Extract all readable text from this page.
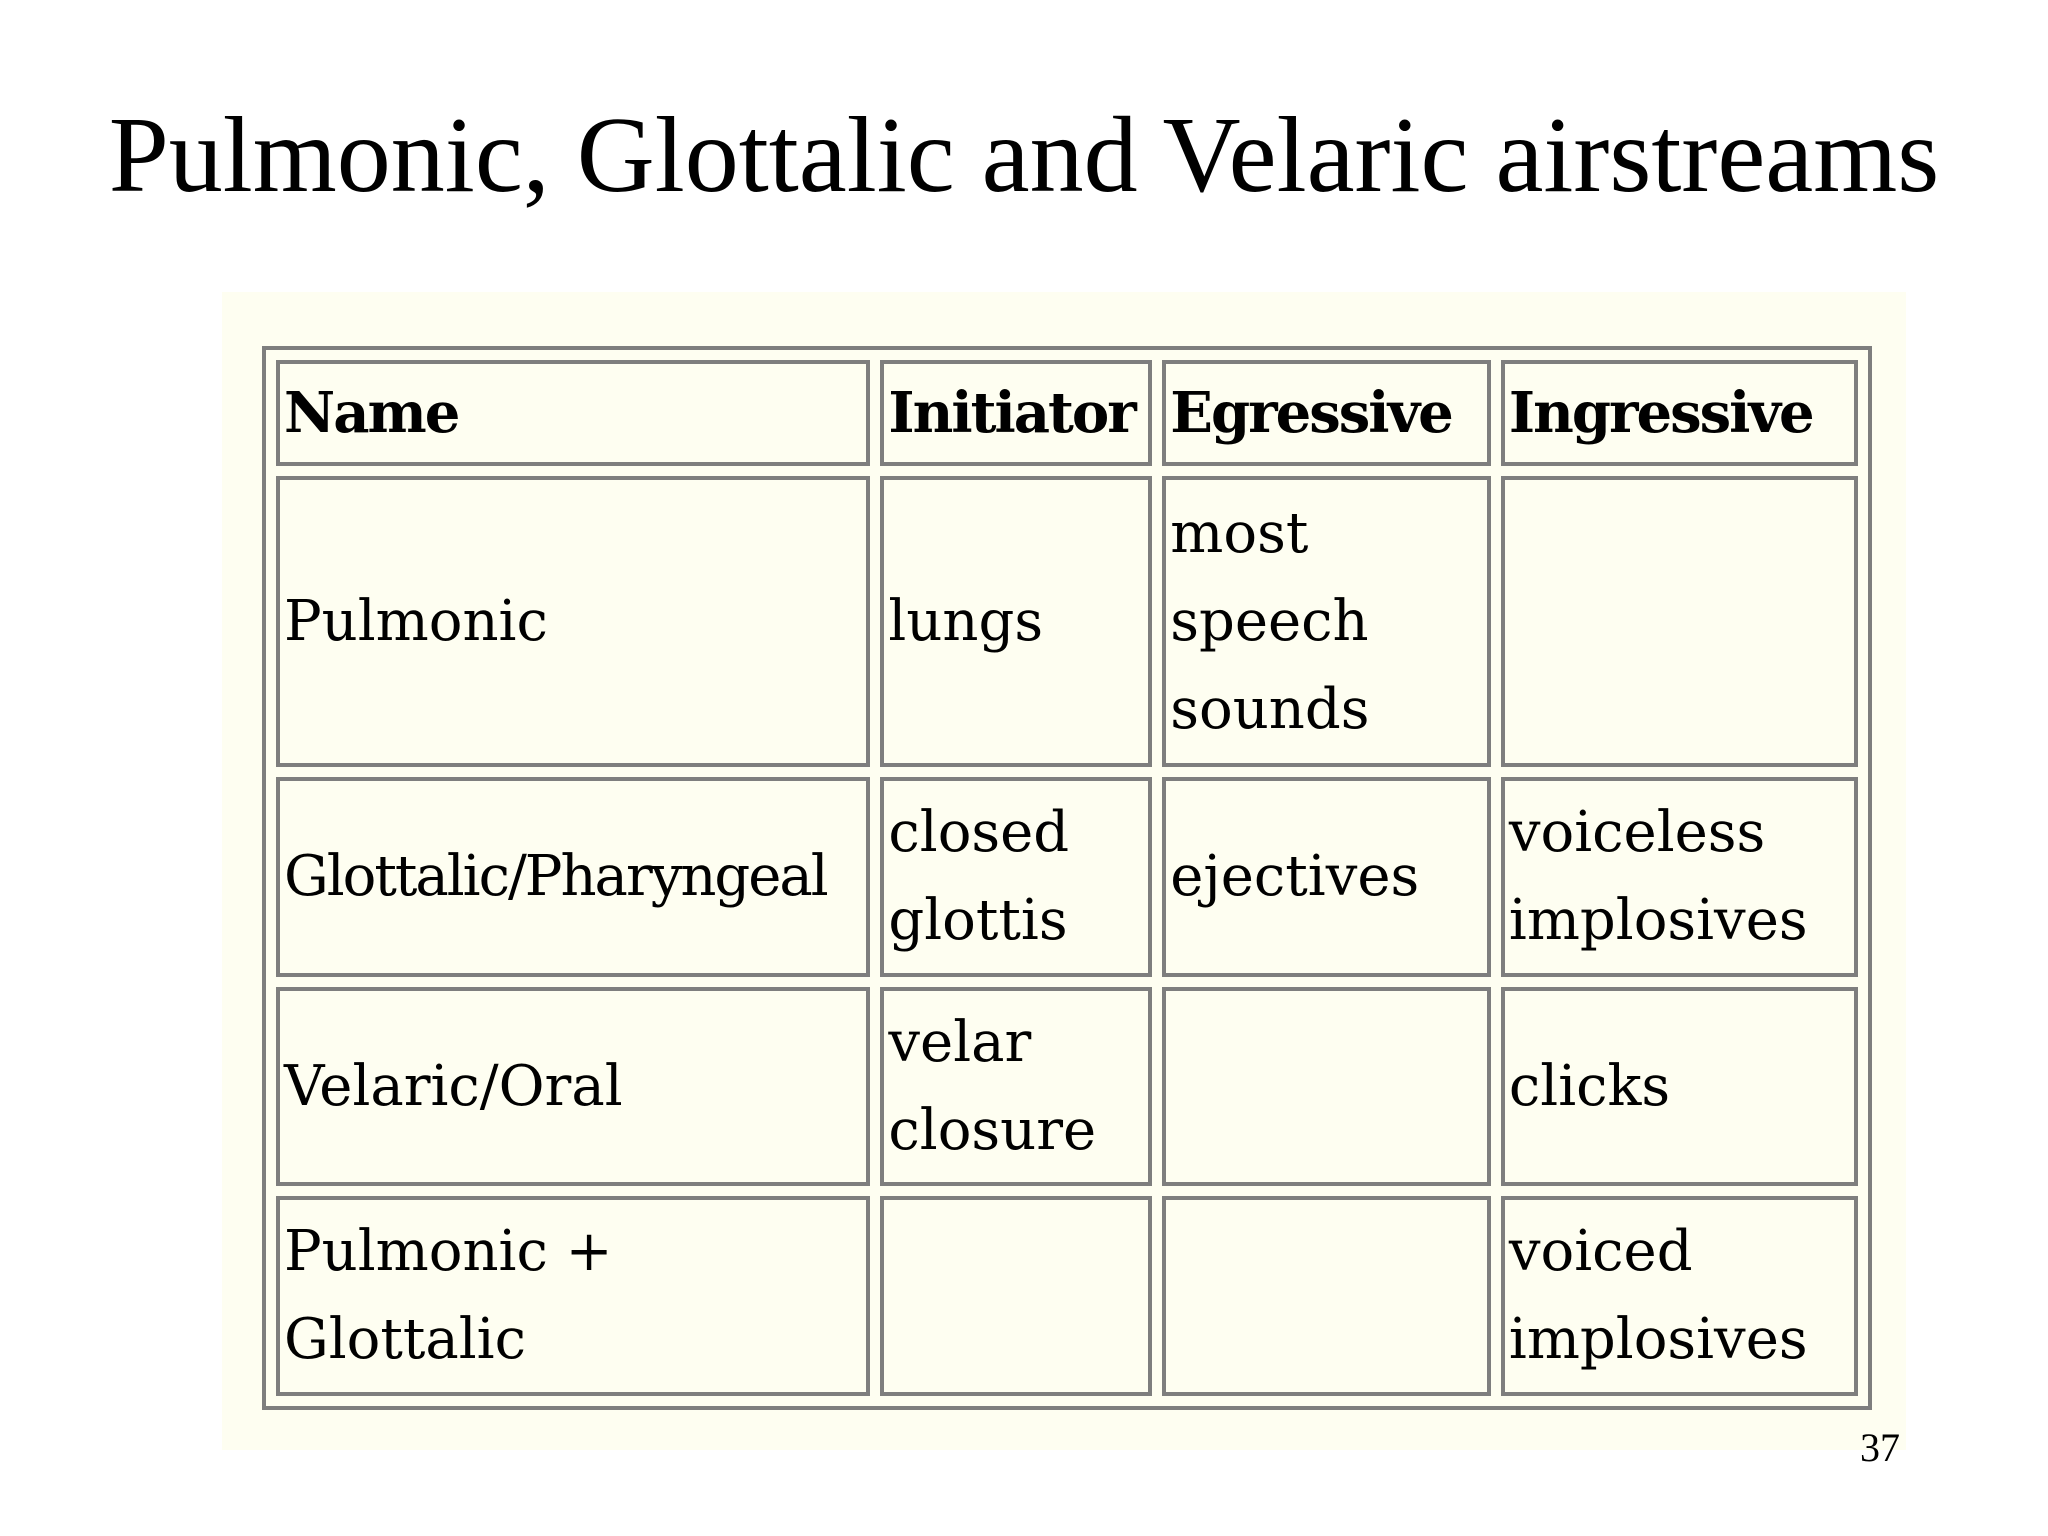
Pulmonic, Glottalic and Velaric airstreams
Name	Initiator	Egressive	Ingressive
Pulmonic	lungs	most speech sounds	
Glottalic/Pharyngeal	closed glottis	ejectives	voiceless implosives
Velaric/Oral	velar closure		clicks
Pulmonic + Glottalic			voiced implosives
37
